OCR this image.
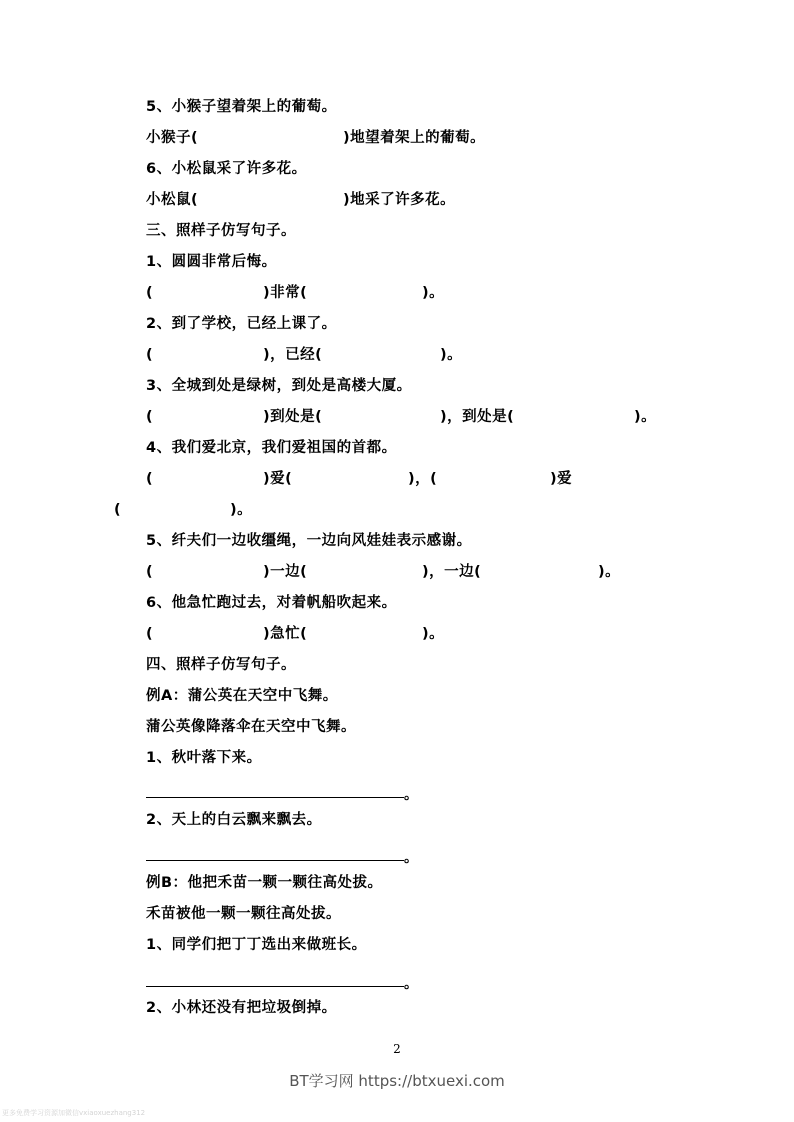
5、小猴子望着架上的葡萄。

小猴子(

	)地望着架上的葡萄。

6、小松鼠采了许多花。

小松鼠(

	)地采了许多花。

三、照样子仿写句子。
1、圆圆非常后悔。

(

	)非常(

	)。

2、到了学校，已经上课了。

(

	)，已经(

	)。

3、全城到处是绿树，到处是高楼大厦。

(

	)到处是(

	)，到处是(

	)。

4、我们爱北京，我们爱祖国的首都。

(

	)爱(

	)，(

	)爱

(

	)。

5、纤夫们一边收缰绳，一边向风娃娃表示感谢。

(

	)一边(

	)，一边(

	)。

6、他急忙跑过去，对着帆船吹起来。

(

	)急忙(

	)。

四、照样子仿写句子。
例A：蒲公英在天空中飞舞。
蒲公英像降落伞在天空中飞舞。
1、秋叶落下来。
。
2、天上的白云飘来飘去。
。
例B：他把禾苗一颗一颗往高处拔。
禾苗被他一颗一颗往高处拔。
1、同学们把丁丁选出来做班长。
。
2、小林还没有把垃圾倒掉。
2
BT学习网 https://btxuexi.com
更多免费学习资源加微信vxiaoxuezhang312
